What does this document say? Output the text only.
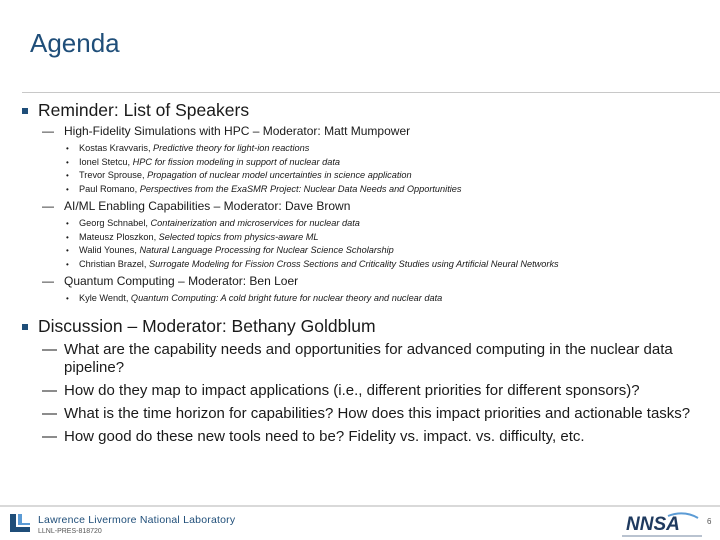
Agenda
Reminder: List of Speakers
— High-Fidelity Simulations with HPC – Moderator: Matt Mumpower
• Kostas Kravvaris, Predictive theory for light-ion reactions
• Ionel Stetcu, HPC for fission modeling in support of nuclear data
• Trevor Sprouse, Propagation of nuclear model uncertainties in science application
• Paul Romano, Perspectives from the ExaSMR Project: Nuclear Data Needs and Opportunities
— AI/ML Enabling Capabilities – Moderator: Dave Brown
• Georg Schnabel, Containerization and microservices for nuclear data
• Mateusz Ploszkon, Selected topics from physics-aware ML
• Walid Younes, Natural Language Processing for Nuclear Science Scholarship
• Christian Brazel, Surrogate Modeling for Fission Cross Sections and Criticality Studies using Artificial Neural Networks
— Quantum Computing – Moderator: Ben Loer
• Kyle Wendt, Quantum Computing: A cold bright future for nuclear theory and nuclear data
Discussion – Moderator: Bethany Goldblum
— What are the capability needs and opportunities for advanced computing in the nuclear data pipeline?
— How do they map to impact applications (i.e., different priorities for different sponsors)?
— What is the time horizon for capabilities? How does this impact priorities and actionable tasks?
— How good do these new tools need to be? Fidelity vs. impact. vs. difficulty, etc.
Lawrence Livermore National Laboratory
LLNL-PRES-818720	NNSA	6
